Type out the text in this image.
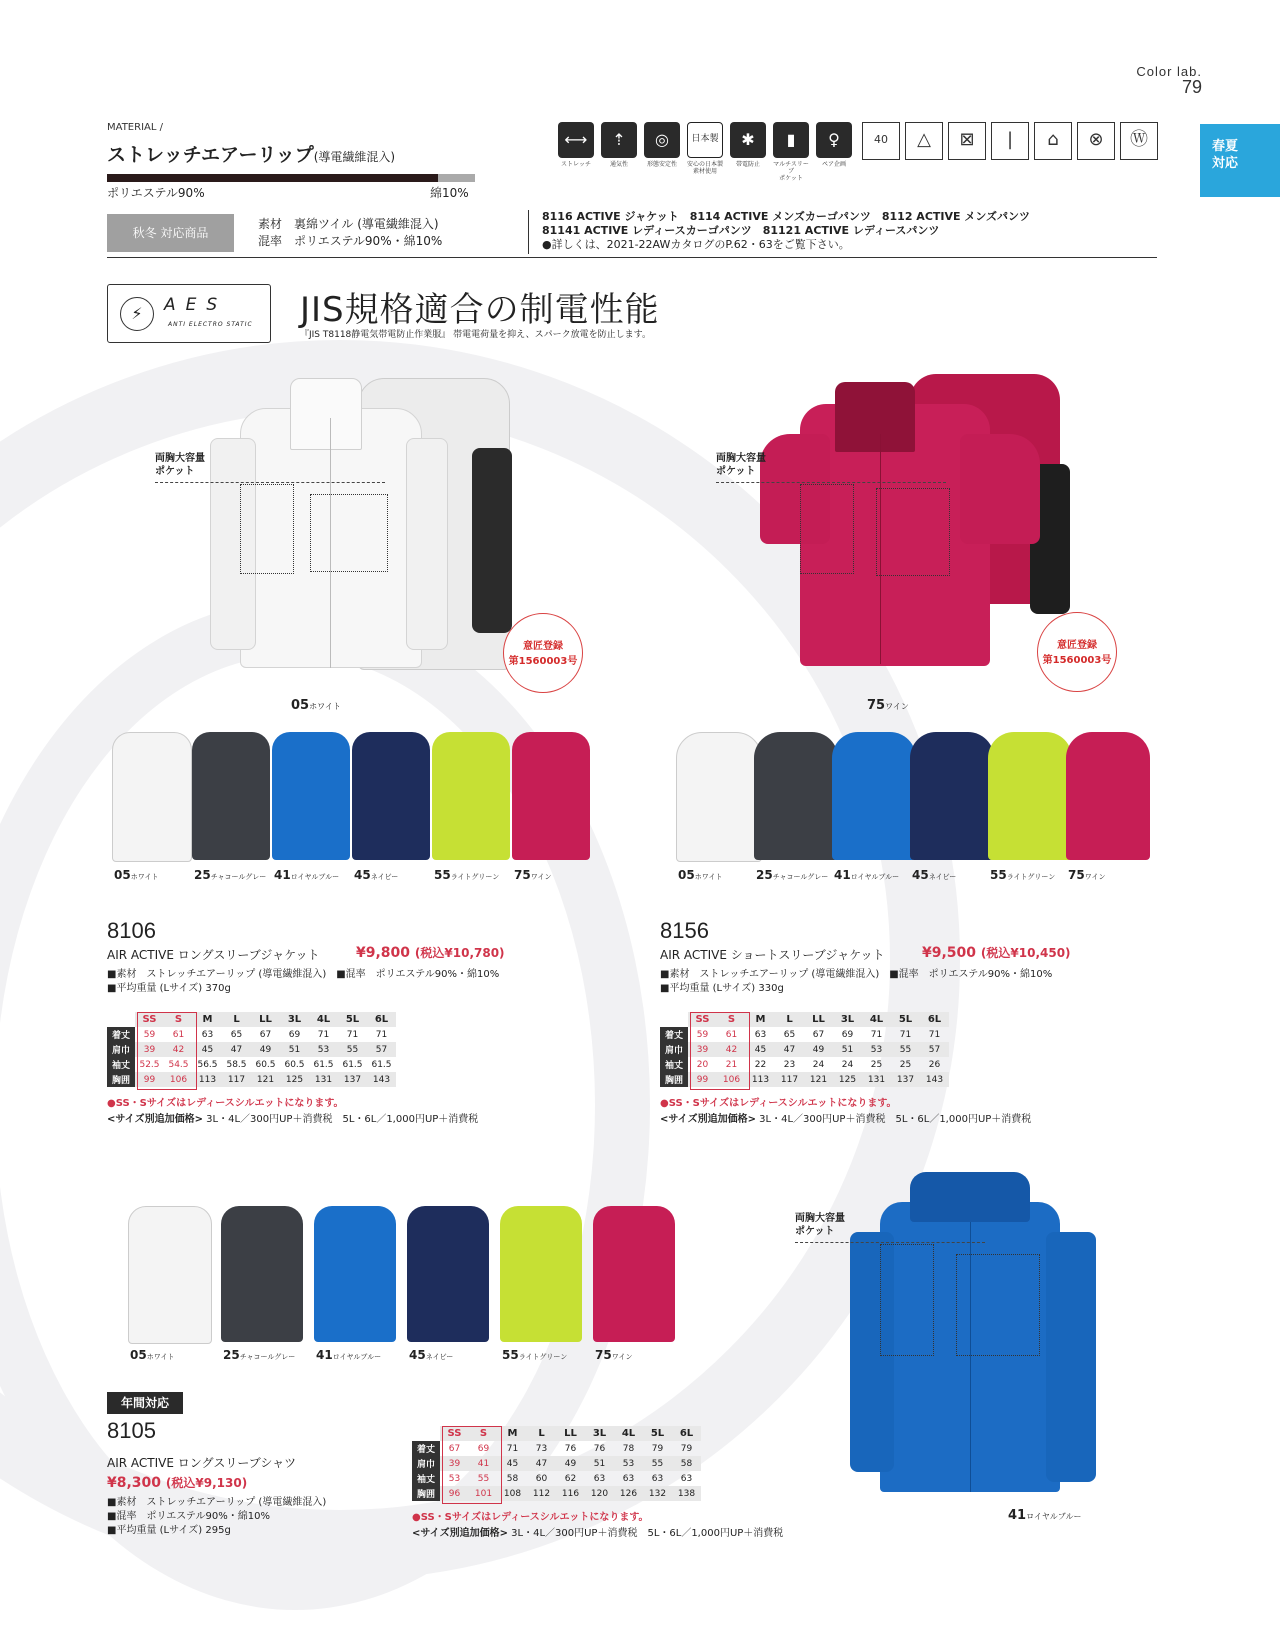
Color lab.
79
春夏
対応
MATERIAL /
ストレッチエアーリップ(導電繊維混入)
ポリエステル90%	綿10%
⟷
ストレッチ
⇡
通気性
◎
形態安定性
日本製
安心の日本製
素材使用
✱
帯電防止
▮
マルチスリーブ
ポケット
♀
ペア企画
40	△	⊠	|	⌂	⊗	Ⓦ
秋冬 対応商品
素材　裏綿ツイル (導電繊維混入)
混率　ポリエステル90%・綿10%
8116 ACTIVE ジャケット　8114 ACTIVE メンズカーゴパンツ　8112 ACTIVE メンズパンツ
81141 ACTIVE レディースカーゴパンツ　81121 ACTIVE レディースパンツ
●詳しくは、2021-22AWカタログのP.62・63をご覧下さい。
⚡	AES
ANTI ELECTRO STATIC JIS規格適合の制電性能
『JIS T8118静電気帯電防止作業服』 帯電電荷量を抑え、スパーク放電を防止します。
両胸大容量
ポケット
意匠登録
第1560003号
05ホワイト
両胸大容量
ポケット
意匠登録
第1560003号
75ワイン
05ホワイト	25チャコールグレー 41ロイヤルブルー 45ネイビー	55ライトグリーン 75ワイン	05ホワイト	25チャコールグレー 41ロイヤルブルー 45ネイビー	55ライトグリーン 75ワイン
05ホワイト	25チャコールグレー 41ロイヤルブルー 45ネイビー	55ライトグリーン 75ワイン
8106
AIR ACTIVE ロングスリーブジャケット	¥9,800 (税込¥10,780)
■素材　ストレッチエアーリップ (導電繊維混入)　■混率　ポリエステル90%・綿10%
■平均重量 (Lサイズ) 370g
	SS	S	M	L	LL	3L	4L	5L	6L
着丈	59	61	63	65	67	69	71	71	71
肩巾	39	42	45	47	49	51	53	55	57
袖丈	52.5	54.5	56.5	58.5	60.5	60.5	61.5	61.5	61.5
胸囲	99	106	113	117	121	125	131	137	143
●SS・Sサイズはレディースシルエットになります。
<サイズ別追加価格> 3L・4L／300円UP＋消費税　5L・6L／1,000円UP＋消費税
8156
AIR ACTIVE ショートスリーブジャケット	¥9,500 (税込¥10,450)
■素材　ストレッチエアーリップ (導電繊維混入)　■混率　ポリエステル90%・綿10%
■平均重量 (Lサイズ) 330g
	SS	S	M	L	LL	3L	4L	5L	6L
着丈	59	61	63	65	67	69	71	71	71
肩巾	39	42	45	47	49	51	53	55	57
袖丈	20	21	22	23	24	24	25	25	26
胸囲	99	106	113	117	121	125	131	137	143
●SS・Sサイズはレディースシルエットになります。
<サイズ別追加価格> 3L・4L／300円UP＋消費税　5L・6L／1,000円UP＋消費税
両胸大容量
ポケット
41ロイヤルブルー
年間対応
8105
AIR ACTIVE ロングスリーブシャツ
¥8,300 (税込¥9,130)
■素材　ストレッチエアーリップ (導電繊維混入)
■混率　ポリエステル90%・綿10%
■平均重量 (Lサイズ) 295g
	SS	S	M	L	LL	3L	4L	5L	6L
着丈	67	69	71	73	76	76	78	79	79
肩巾	39	41	45	47	49	51	53	55	58
袖丈	53	55	58	60	62	63	63	63	63
胸囲	96	101	108	112	116	120	126	132	138
●SS・Sサイズはレディースシルエットになります。
<サイズ別追加価格> 3L・4L／300円UP＋消費税　5L・6L／1,000円UP＋消費税
